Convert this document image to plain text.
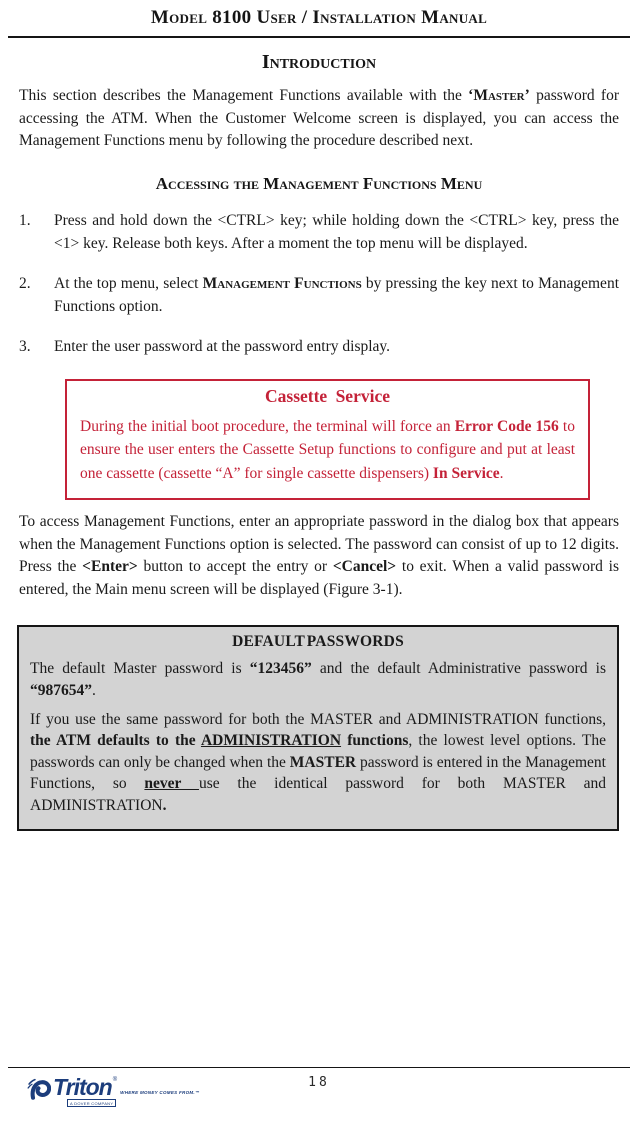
Model 8100 User / Installation Manual
Introduction

This section describes the Management Functions available with the ‘Master’ password for accessing the ATM. When the Customer Welcome screen is displayed, you can access the Management Functions menu by following the procedure described next.

Accessing the Management Functions Menu
1.	Press and hold down the <CTRL> key; while holding down the <CTRL> key, press the <1> key. Release both keys. After a moment the top menu will be displayed.
2.	At the top menu, select Management Functions by pressing the key next to Management Functions option.
3.	Enter the user password at the password entry display.
Cassette Service

During the initial boot procedure, the terminal will force an Error Code 156 to ensure the user enters the Cassette Setup functions to configure and put at least one cassette (cassette “A” for single cassette dispensers) In Service.

To access Management Functions, enter an appropriate password in the dialog box that appears when the Management Functions option is selected. The password can consist of up to 12 digits. Press the <Enter> button to accept the entry or <Cancel> to exit. When a valid password is entered, the Main menu screen will be displayed (Figure 3-1).

DEFAULT PASSWORDS

The default Master password is “123456” and the default Administrative password is “987654”.

If you use the same password for both the MASTER and ADMINISTRATION functions, the ATM defaults to the ADMINISTRATION functions, the lowest level options. The passwords can only be changed when the MASTER password is entered in the Management Functions, so never use the identical password for both MASTER and ADMINISTRATION.

18
Triton ®
WHERE MONEY COMES FROM.™
A DOVER COMPANY
